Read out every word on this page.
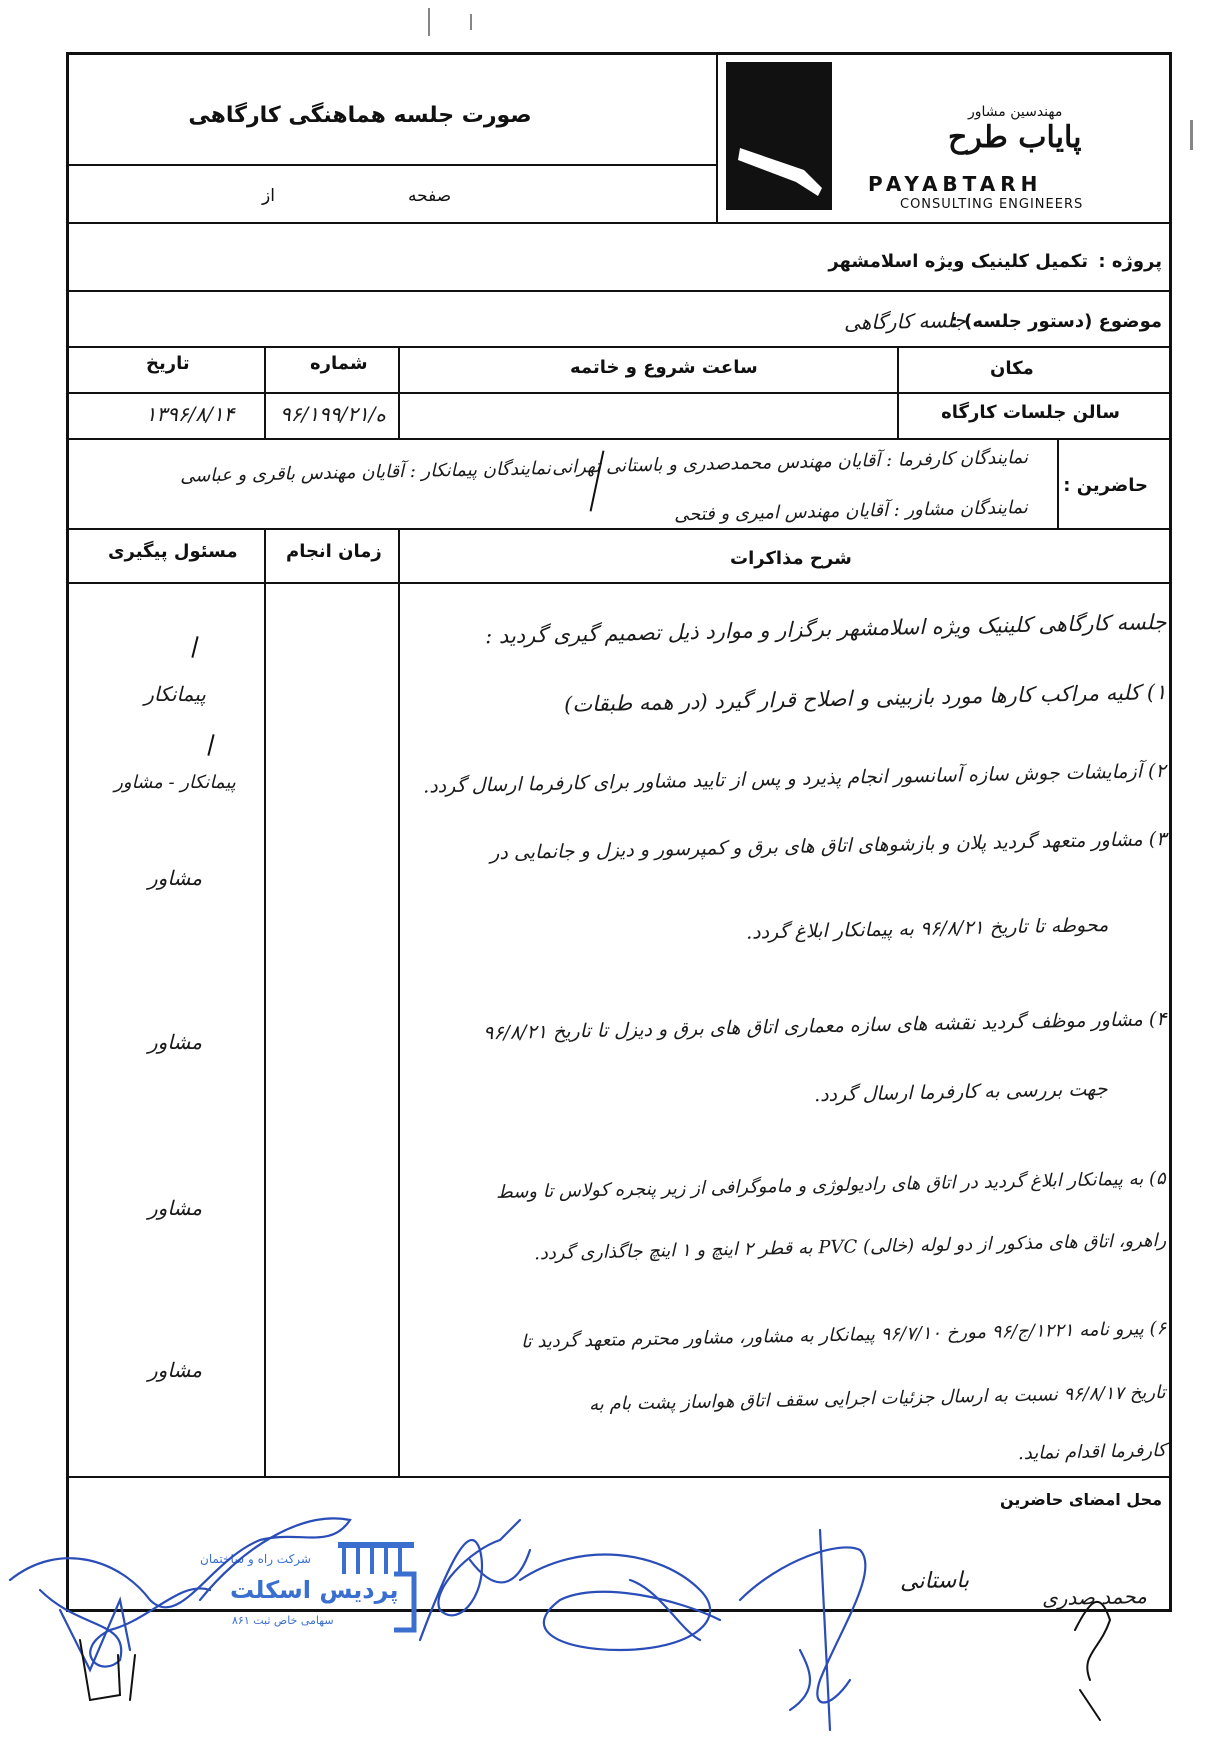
صورت جلسه هماهنگی کارگاهی	مهندسین مشاور
پایاب طرح
PAYABTARH
CONSULTING ENGINEERS
صفحه
از
پروژه :
تکمیل کلینیک ویژه اسلامشهر
موضوع (دستور جلسه) :
جلسه کارگاهی
مکان
ساعت شروع و خاتمه
شماره
تاریخ
سالن جلسات کارگاه
۹۶/۱۹۹/ه/۲۱
۱۳۹۶/۸/۱۴
حاضرین :
نمایندگان کارفرما : آقایان مهندس محمدصدری و باستانی تهرانی
نمایندگان پیمانکار : آقایان مهندس باقری و عباسی
نمایندگان مشاور : آقایان مهندس امیری و فتحی
شرح مذاکرات
زمان انجام
مسئول پیگیری
جلسه کارگاهی کلینیک ویژه اسلامشهر برگزار و موارد ذیل تصمیم گیری گردید :
۱) کلیه مراکب کارها مورد بازبینی و اصلاح قرار گیرد (در همه طبقات)
پیمانکار
۲) آزمایشات جوش سازه آسانسور انجام پذیرد و پس از تایید مشاور برای کارفرما ارسال گردد.
پیمانکار - مشاور
۳) مشاور متعهد گردید پلان و بازشوهای اتاق های برق و کمپرسور و دیزل و جانمایی در
محوطه تا تاریخ ۹۶/۸/۲۱ به پیمانکار ابلاغ گردد.
مشاور
۴) مشاور موظف گردید نقشه های سازه معماری اتاق های برق و دیزل تا تاریخ ۹۶/۸/۲۱
جهت بررسی به کارفرما ارسال گردد.
مشاور
۵) به پیمانکار ابلاغ گردید در اتاق های رادیولوژی و ماموگرافی از زیر پنجره کولاس تا وسط
راهرو، اتاق های مذکور از دو لوله (خالی) PVC به قطر ۲ اینچ و ۱ اینچ جاگذاری گردد.
مشاور
۶) پیرو نامه ۱۲۲۱/ج/۹۶ مورخ ۹۶/۷/۱۰ پیمانکار به مشاور، مشاور محترم متعهد گردید تا
تاریخ ۹۶/۸/۱۷ نسبت به ارسال جزئیات اجرایی سقف اتاق هواساز پشت بام به
کارفرما اقدام نماید.
مشاور
محل امضای حاضرین
شرکت راه و ساختمان
پردیس اسکلت
سهامی خاص ثبت ۸۶۱
باستانی
محمد صدری
